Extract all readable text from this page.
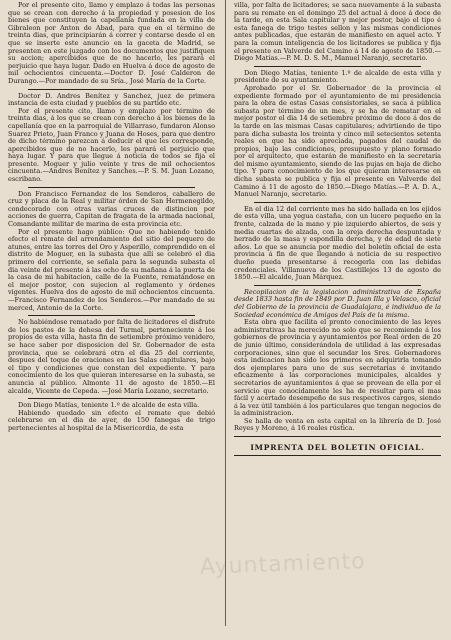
Por el presente cito, llamo y emplazo á todas las personas que se crean con derecho á la propiedad y posesion de los bienes que constituyen la capellanía fundada en la villa de Gibraleon por Anton de Abad, para que en el término de treinta dias, que principiarán á correr y contarse desde el en que se inserte este anuncio en la gaceta de Madrid, se presenten en este juzgado con los documentos que justifiquen su accion; apercibidos que de no hacerlo, les parará el perjuicio que haya lugar. Dado en Huelva á doce de agosto de mil ochocientos cincuenta.—Doctor D. José Calderon de Durango.—Por mandado de su Sría., José María de la Corte.

Doctor D. Andres Benítez y Sanchez, juez de primera instancia de esta ciudad y pueblos de su partido etc.

Por el presente cito, llamo y emplazo por término de treinta dias, á los que se crean con derecho á los bienes de la capellanía que en la parroquial de Villarraso, fundaron Alonso Suarez Prieto, Juan Franco y Juana de Hoses, para que dentro de dicho término parezcan á deducir el que les corresponde, apercibidos que de no hacerlo, les parará el perjuicio que haya lugar. Y para que llegue á noticia de todos se fija el presente. Moguer y julio veinte y tres de mil ochocientos cincuenta.—Andres Benítez y Sanches.—P. S. M. Juan Lozano, escribano.

Don Francisco Fernandez de los Senderos, caballero de cruz y placa de la Real y militar órden de San Hermenegildo, condecorado con otras varias cruces de distincion por acciones de guerra, Capitan de fragata de la armada nacional, Comandante militar de marina de esta provincia etc.

Por el presente hago público: Que no habiendo tenido efecto el remate del arrendamiento del sitio del pequero de atunes, entre las torres del Oro y Asperillo, comprendido en el distrito de Moguer, en la subasta que allí se celebró el dia primero del corriente, se señala para la segunda subasta el dia veinte del presente á las ocho de su mañana á la puerta de la casa de mi habitacion, calle de la Fuente, rematándose en el mejor postor, con sujecion al reglamento y órdenes vigentes. Huelva dos de agosto de mil ochocientos cincuenta.—Francisco Fernandez de los Senderos.—Por mandado de su merced, Antonio de la Corte.

No habiéndose rematado por falta de licitadores el disfrute de los pastos de la dehesa del Turmal, perteneciente á los propios de esta villa, hasta fin de setiembre próximo venidero, se hace saber por disposicion del Sr. Gobernador de esta provincia, que se celebrará otra el dia 25 del corriente, despues del toque de oraciones en las Salas capitulares, bajo el tipo y condiciones que constan del expediente. Y para conocimiento de los que quieran interesarse en la subasta, se anuncia al público. Almonte 11 de agosto de 1850.—El alcalde, Vicente de Cepeda. —José María Lozano, secretario.

Don Diego Matías, teniente 1.º de alcalde de esta villa.

Habiendo quedado sin efecto el remate que debió celebrarse en el dia de ayer, de 150 fanegas de trigo pertenecientes al hospital de la Misericordia, de esta

villa, por falta de licitadores; se saca nuevamente á la subasta para su remate en el domingo 25 del actual á doce á doce de la tarde, en esta Sala capitular y mejor postor, bajo el tipo é esta fanega de trigo testes sellon y las mismas condiciones antes publicadas, que estarán de manifiesto en aquel acto. Y para la comun inteligencia de los licitadores se publica y fija el presente en Valverde del Camino á 14 de agosto de 1850.—Diego Matías.—P. M. D. S. M., Manuel Naranjo, secretario.

Don Diego Matías, teniente 1.º de alcalde de esta villa y presidente de su ayuntamiento.

Aprobado por el Sr. Gobernador de la provincia el expediente formado por el ayuntamiento de mi presidencia para la obra de estas Casas consistoriales, se saca á pública subasta por término de un mes, y se ha de rematar en el mejor postor el dia 14 de setiembre próximo de doce á dos de la tarde en las mismas Casas capitulares; advirtiendo de tipo para dicha subasta los treinta y cinco mil setecientos setenta reales en que ha sido apreciada, pagados del caudal de propios, bajo las condiciones, presupuesto y plano formado por el arquitecto, que estarán de manifiesto en la secretaría del mismo ayuntamiento, siendo de las pujas en baja de dicho tipo. Y para conocimiento de los que quieran interesarse en dicha subasta se publica y fija el presente en Valverde del Camino á 11 de agosto de 1850.—Diego Matías.—P. A. D. A., Manuel Naranjo, secretario.

En el dia 12 del corriente mes ha sido hallada en los ejidos de esta villa, una yegua castaña, con un lucero pequeño en la frente, calzada de la mano y pie izquierdo abiertos, de seis y media cuartas de alzada, con la oreja derecha despuntada y herrado de la masa y espondilla derecha, y de edad de siete años. Lo que se anuncia por medio del boletín oficial de esta provincia á fin de que llegando á noticia de su respectivo dueño pueda presentarse á recogerla con las debidas credenciales. Villanueva de los Castillejos 13 de agosto de 1850.—El alcalde, Juan Márquez.

Recopilacion de la legislacion administrativa de España desde 1833 hasta fin de 1849 por D. Juan Illa y Velasco, oficial del Gobierno de la provincia de Guadalajara, é individuo de la Sociedad económica de Amigos del País de la misma.

Esta obra que facilita el pronto conocimiento de las leyes administrativas ha merecido no solo que se recomiende á los gobiernos de provincia y ayuntamientos por Real órden de 20 de junio último, considerándola de utilidad á las expresadas corporaciones, sino que el secundar los Sres. Gobernadores esta indicacion han sido los primeros en adquirirla tomando dos ejemplares para uno de sus secretarías é invitando eficazmente á las corporaciones municipales, alcaldes y secretarios de ayuntamientos á que se provean de ella por el servicio que conocidamente les ha de resultar para el mas fácil y acertado desempeño de sus respectivos cargos, siendo á la vez útil también á los particulares que tengan negocios de la administracion.

Se halla de venta en esta capital en la librería de D. José Reyes y Moreno, á 16 reales rústica.

IMPRENTA DEL BOLETIN OFICIAL.
Ayuntamiento
